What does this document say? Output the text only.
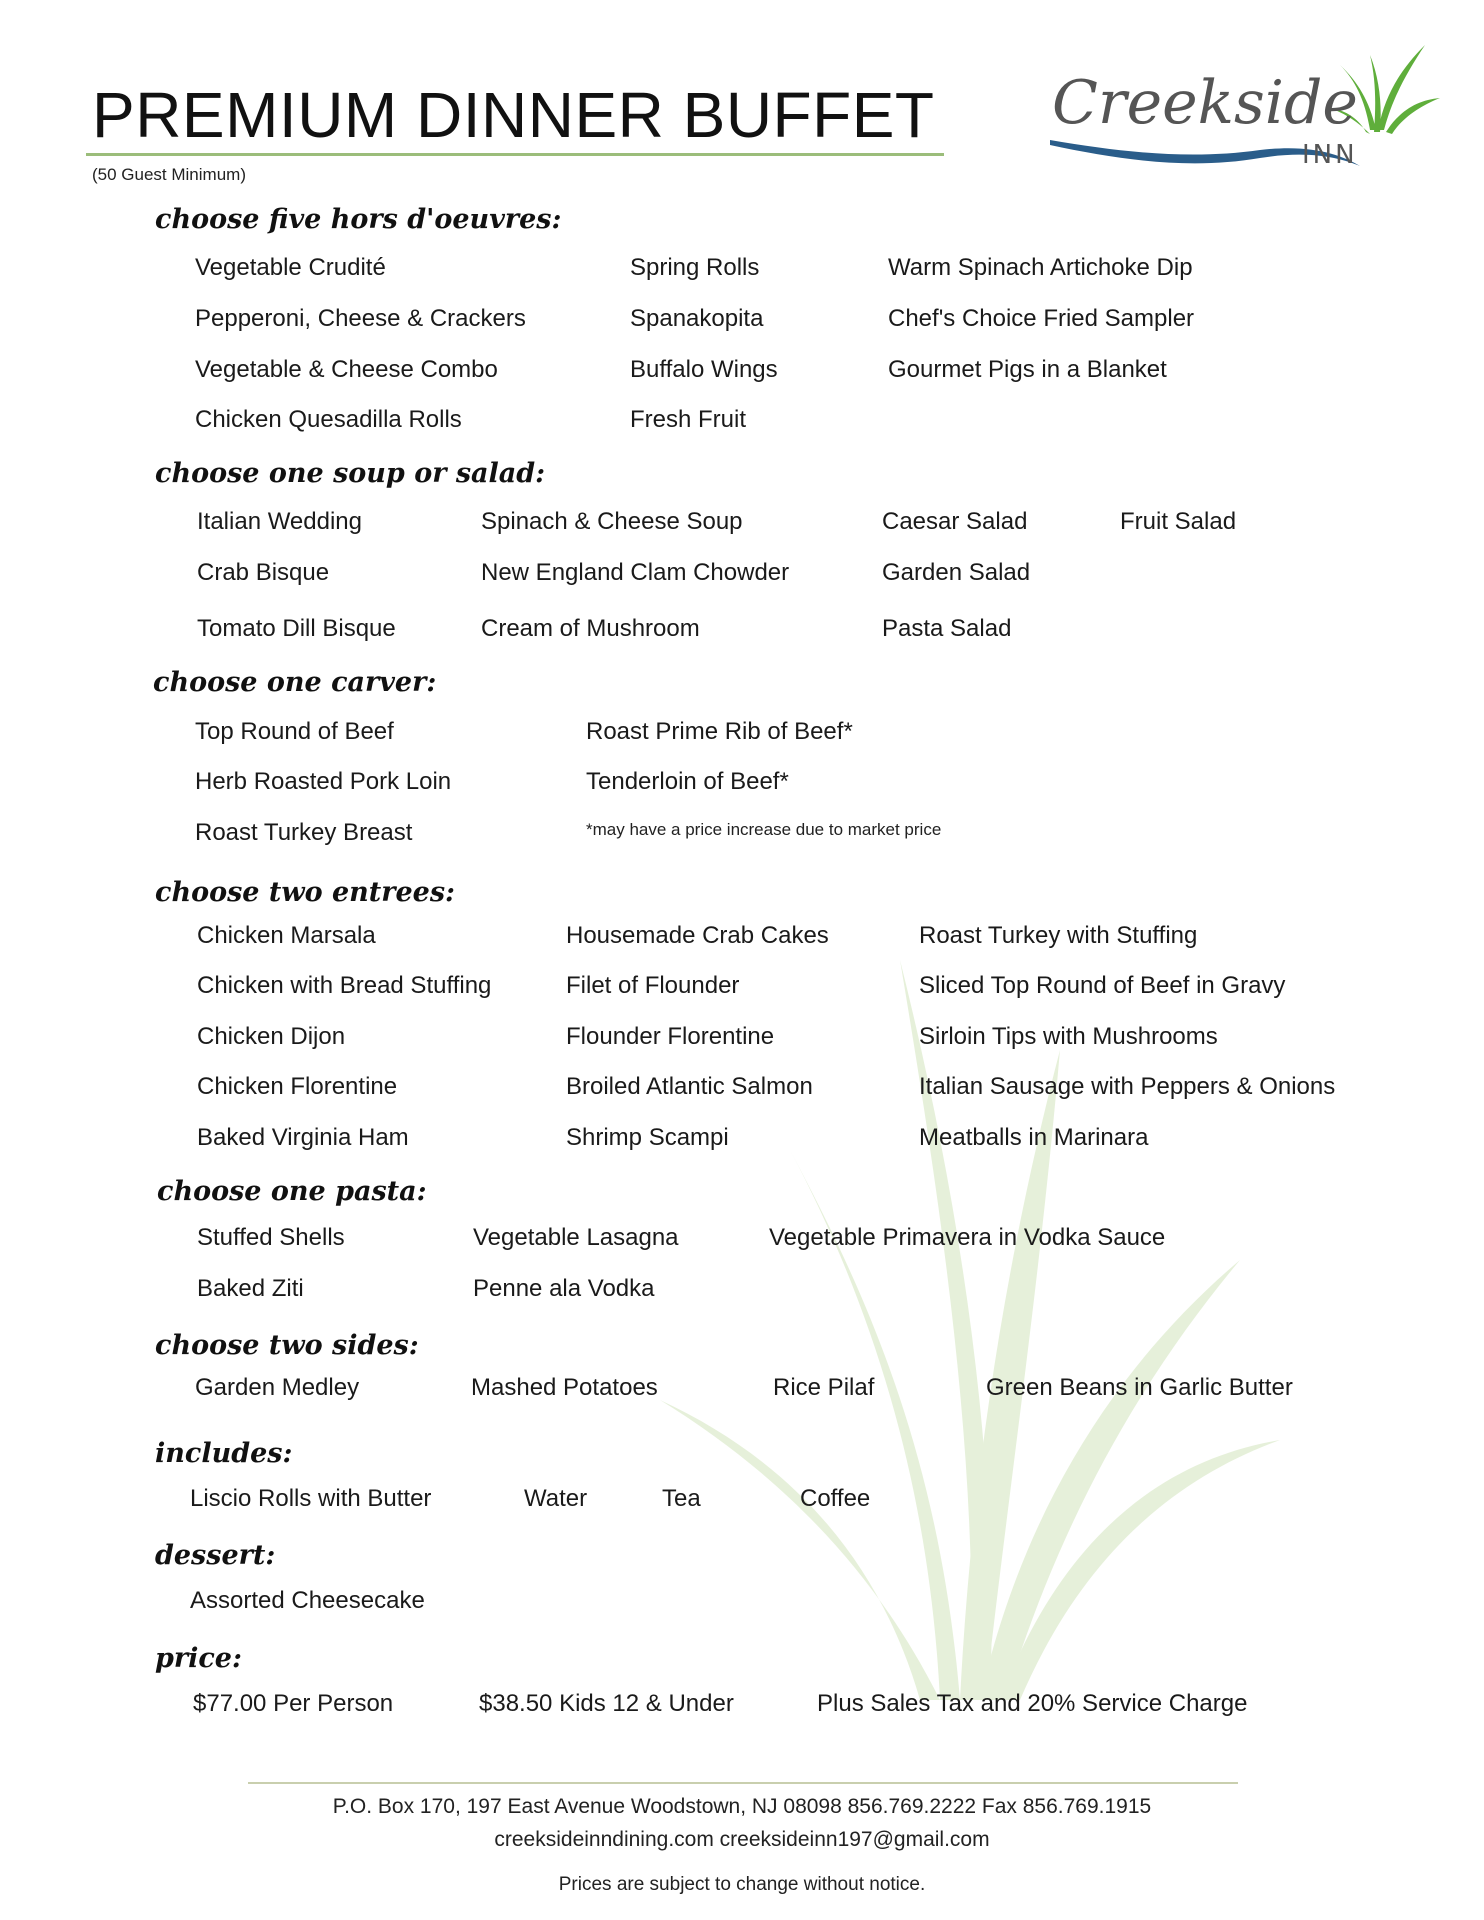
PREMIUM DINNER BUFFET
(50 Guest Minimum)
Creekside
INN
choose five hors d'oeuvres:
Vegetable Crudité
Pepperoni, Cheese & Crackers
Vegetable & Cheese Combo
Chicken Quesadilla Rolls
Spring Rolls
Spanakopita
Buffalo Wings
Fresh Fruit
Warm Spinach Artichoke Dip
Chef's Choice Fried Sampler
Gourmet Pigs in a Blanket
choose one soup or salad:
Italian Wedding
Crab Bisque
Tomato Dill Bisque
Spinach & Cheese Soup
New England Clam Chowder
Cream of Mushroom
Caesar Salad
Garden Salad
Pasta Salad
Fruit Salad
choose one carver:
Top Round of Beef
Herb Roasted Pork Loin
Roast Turkey Breast
Roast Prime Rib of Beef*
Tenderloin of Beef*
*may have a price increase due to market price
choose two entrees:
Chicken Marsala
Chicken with Bread Stuffing
Chicken Dijon
Chicken Florentine
Baked Virginia Ham
Housemade Crab Cakes
Filet of Flounder
Flounder Florentine
Broiled Atlantic Salmon
Shrimp Scampi
Roast Turkey with Stuffing
Sliced Top Round of Beef in Gravy
Sirloin Tips with Mushrooms
Italian Sausage with Peppers & Onions
Meatballs in Marinara
choose one pasta:
Stuffed Shells
Baked Ziti
Vegetable Lasagna
Penne ala Vodka
Vegetable Primavera in Vodka Sauce
choose two sides:
Garden Medley	Mashed Potatoes	Rice Pilaf	Green Beans in Garlic Butter
includes:
Liscio Rolls with Butter	Water	Tea	Coffee
dessert:
Assorted Cheesecake
price:
$77.00 Per Person	$38.50 Kids 12 & Under	Plus Sales Tax and 20% Service Charge
P.O. Box 170, 197 East Avenue Woodstown, NJ 08098 856.769.2222 Fax 856.769.1915
creeksideinndining.com creeksideinn197@gmail.com
Prices are subject to change without notice.
